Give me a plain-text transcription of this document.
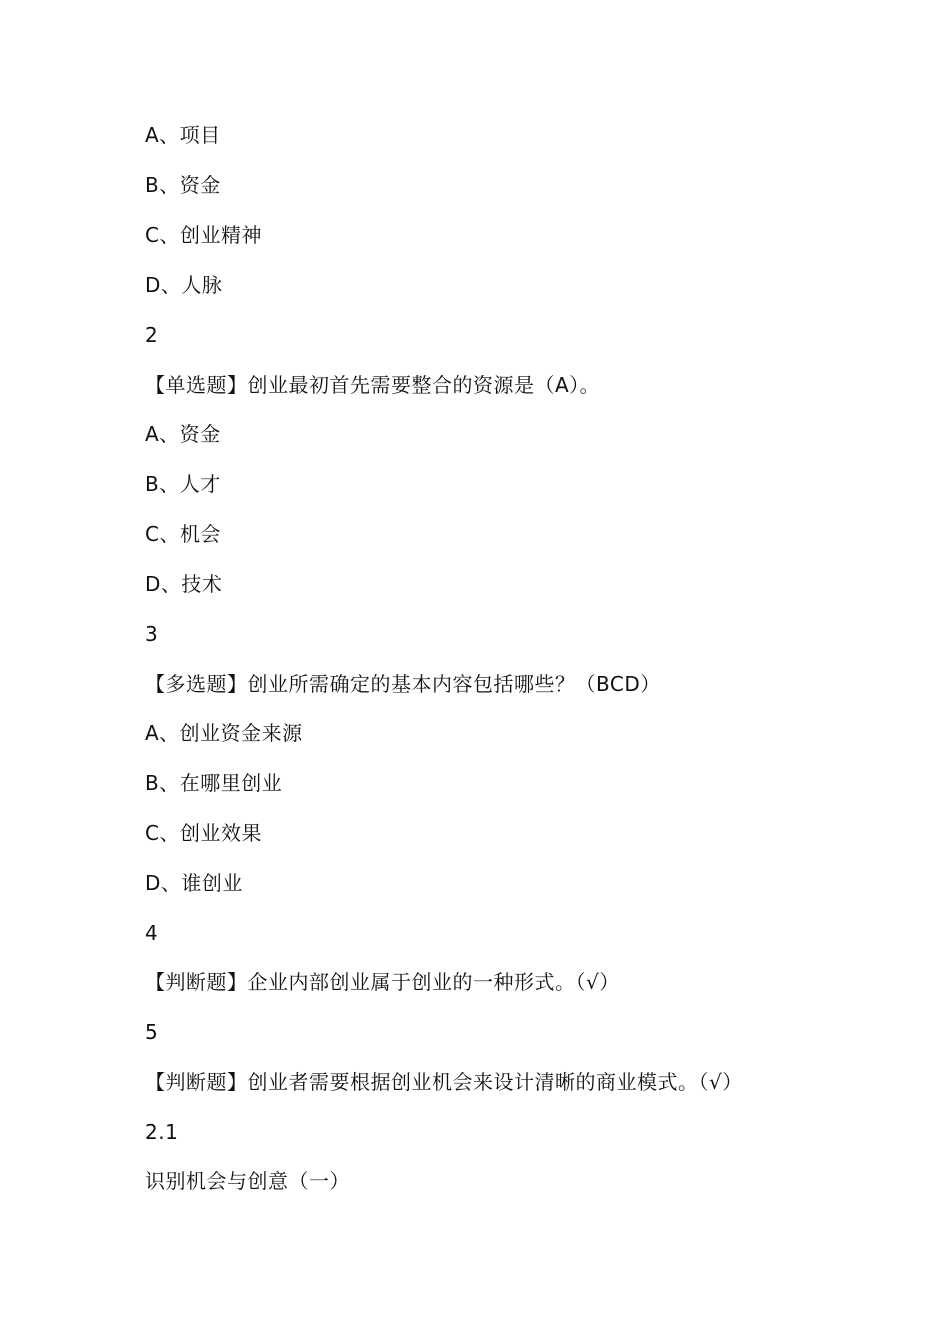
A、项目
B、资金
C、创业精神
D、人脉
2
【单选题】创业最初首先需要整合的资源是（A）。
A、资金
B、人才
C、机会
D、技术
3
【多选题】创业所需确定的基本内容包括哪些？（BCD）
A、创业资金来源
B、在哪里创业
C、创业效果
D、谁创业
4
【判断题】企业内部创业属于创业的一种形式。（√）
5
【判断题】创业者需要根据创业机会来设计清晰的商业模式。（√）
2.1
识别机会与创意（一）
